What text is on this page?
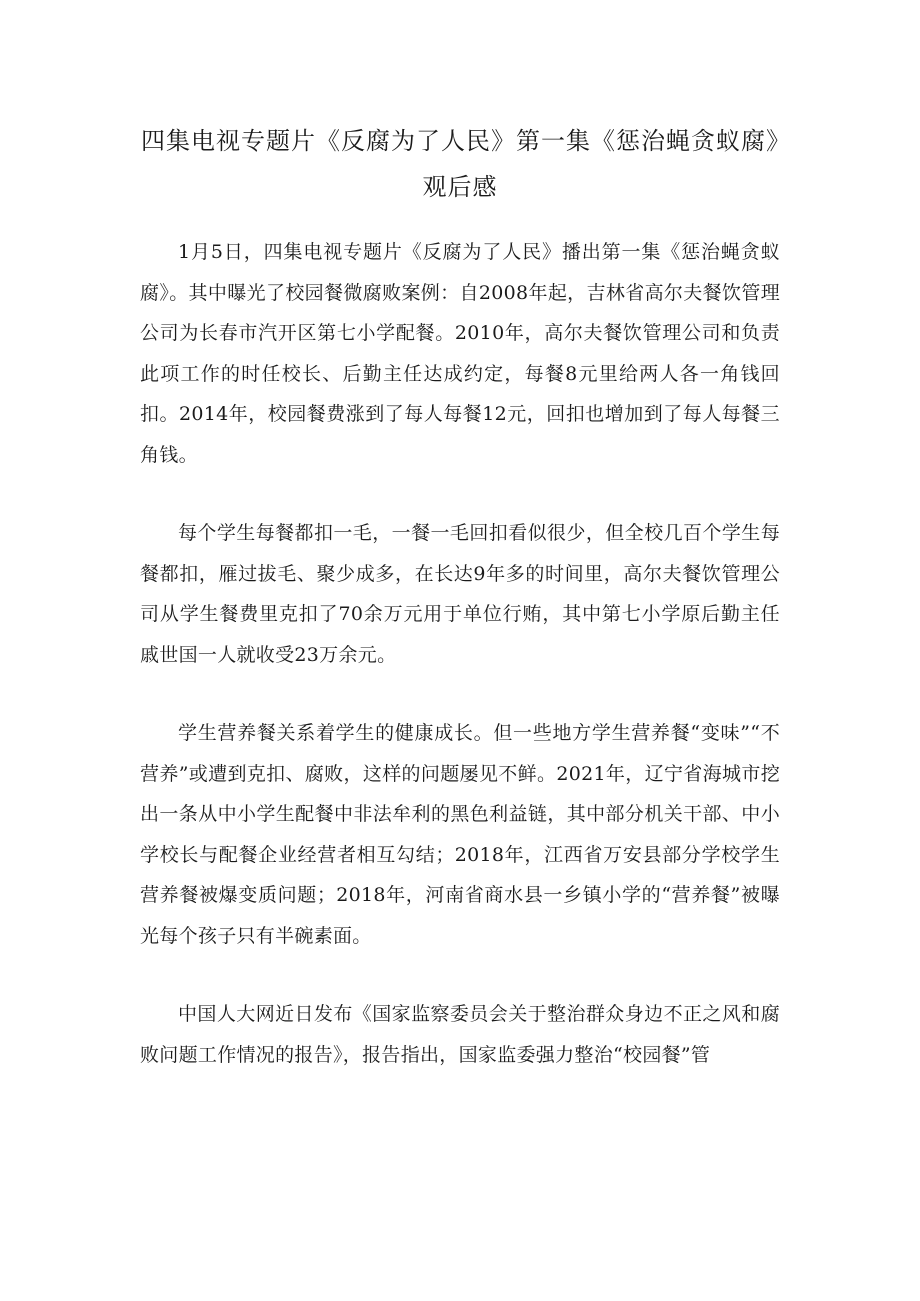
四集电视专题片《反腐为了人民》第一集《惩治蝇贪蚁腐》观后感

1月5日，四集电视专题片《反腐为了人民》播出第一集《惩治蝇贪蚁腐》。其中曝光了校园餐微腐败案例：自2008年起，吉林省高尔夫餐饮管理公司为长春市汽开区第七小学配餐。2010年，高尔夫餐饮管理公司和负责此项工作的时任校长、后勤主任达成约定，每餐8元里给两人各一角钱回扣。2014年，校园餐费涨到了每人每餐12元，回扣也增加到了每人每餐三角钱。

每个学生每餐都扣一毛，一餐一毛回扣看似很少，但全校几百个学生每餐都扣，雁过拔毛、聚少成多，在长达9年多的时间里，高尔夫餐饮管理公司从学生餐费里克扣了70余万元用于单位行贿，其中第七小学原后勤主任戚世国一人就收受23万余元。

学生营养餐关系着学生的健康成长。但一些地方学生营养餐“变味”“不营养”或遭到克扣、腐败，这样的问题屡见不鲜。2021年，辽宁省海城市挖出一条从中小学生配餐中非法牟利的黑色利益链，其中部分机关干部、中小学校长与配餐企业经营者相互勾结；2018年，江西省万安县部分学校学生营养餐被爆变质问题；2018年，河南省商水县一乡镇小学的“营养餐”被曝光每个孩子只有半碗素面。

中国人大网近日发布《国家监察委员会关于整治群众身边不正之风和腐败问题工作情况的报告》，报告指出，国家监委强力整治“校园餐”管
